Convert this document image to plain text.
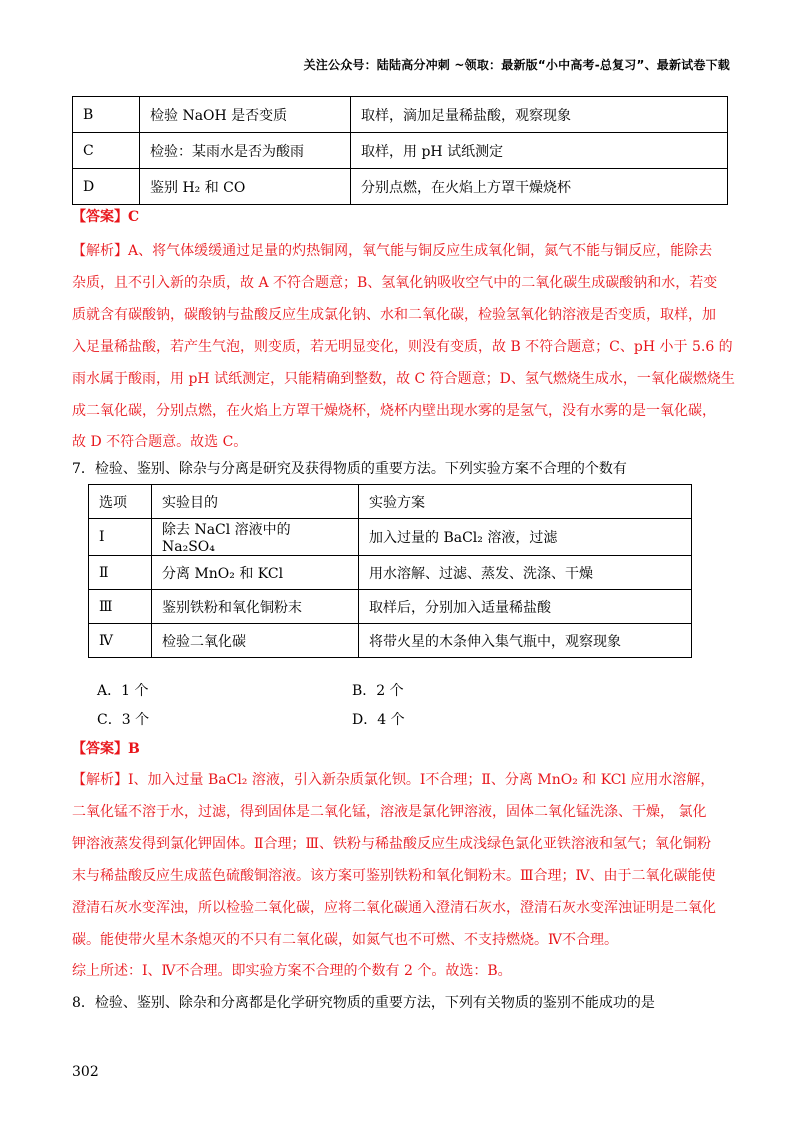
关注公众号：陆陆高分冲刺 ~领取：最新版“小中高考-总复习”、最新试卷下载
B	检验 NaOH 是否变质	取样，滴加足量稀盐酸，观察现象
C	检验：某雨水是否为酸雨	取样，用 pH 试纸测定
D	鉴别 H₂ 和 CO	分别点燃，在火焰上方罩干燥烧杯
【答案】C
【解析】A、将气体缓缓通过足量的灼热铜网，氧气能与铜反应生成氧化铜，氮气不能与铜反应，能除去
杂质，且不引入新的杂质，故 A 不符合题意；B、氢氧化钠吸收空气中的二氧化碳生成碳酸钠和水，若变
质就含有碳酸钠，碳酸钠与盐酸反应生成氯化钠、水和二氧化碳，检验氢氧化钠溶液是否变质，取样，加
入足量稀盐酸，若产生气泡，则变质，若无明显变化，则没有变质，故 B 不符合题意；C、pH 小于 5.6 的
雨水属于酸雨，用 pH 试纸测定，只能精确到整数，故 C 符合题意；D、氢气燃烧生成水，一氧化碳燃烧生
成二氧化碳，分别点燃，在火焰上方罩干燥烧杯，烧杯内壁出现水雾的是氢气，没有水雾的是一氧化碳，
故 D 不符合题意。故选 C。
7．检验、鉴别、除杂与分离是研究及获得物质的重要方法。下列实验方案不合理的个数有
选项	实验目的	实验方案
Ⅰ	除去 NaCl 溶液中的 Na₂SO₄	加入过量的 BaCl₂ 溶液，过滤
Ⅱ	分离 MnO₂ 和 KCl	用水溶解、过滤、蒸发、洗涤、干燥
Ⅲ	鉴别铁粉和氧化铜粉末	取样后，分别加入适量稀盐酸
Ⅳ	检验二氧化碳	将带火星的木条伸入集气瓶中，观察现象
A．1 个	B．2 个
C．3 个	D．4 个
【答案】B
【解析】Ⅰ、加入过量 BaCl₂ 溶液，引入新杂质氯化钡。Ⅰ不合理；Ⅱ、分离 MnO₂ 和 KCl 应用水溶解，
二氧化锰不溶于水，过滤，得到固体是二氧化锰，溶液是氯化钾溶液，固体二氧化锰洗涤、干燥， 氯化
钾溶液蒸发得到氯化钾固体。Ⅱ合理；Ⅲ、铁粉与稀盐酸反应生成浅绿色氯化亚铁溶液和氢气；氧化铜粉
末与稀盐酸反应生成蓝色硫酸铜溶液。该方案可鉴别铁粉和氧化铜粉末。Ⅲ合理；Ⅳ、由于二氧化碳能使
澄清石灰水变浑浊，所以检验二氧化碳，应将二氧化碳通入澄清石灰水，澄清石灰水变浑浊证明是二氧化
碳。能使带火星木条熄灭的不只有二氧化碳，如氮气也不可燃、不支持燃烧。Ⅳ不合理。
综上所述：Ⅰ、Ⅳ不合理。即实验方案不合理的个数有 2 个。故选：B。
8．检验、鉴别、除杂和分离都是化学研究物质的重要方法，下列有关物质的鉴别不能成功的是
302
